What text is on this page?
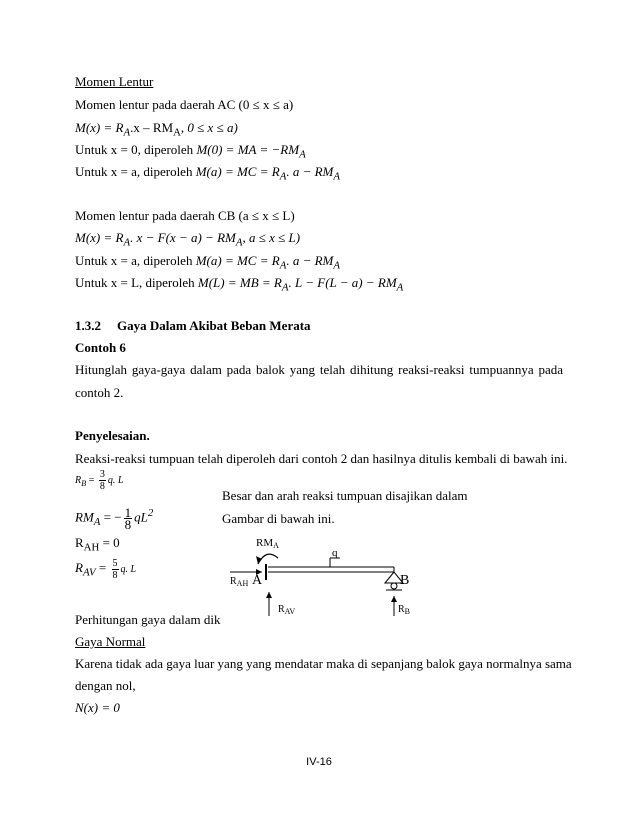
Momen Lentur
Momen lentur pada daerah AC (0 ≤ x ≤ a)
$M(x) = R_A.x - RM_A$, 0 ≤ x ≤ a)
Untuk x = 0, diperoleh M(0) = MA = $-RM_A$
Untuk x = a, diperoleh M(a) = MC = $R_A$. $a - RM_A$
Momen lentur pada daerah CB (a ≤ x ≤ L)
$M(x) = R_A$. $x - F(x - a) - RM_A$, a ≤ x ≤ L)
Untuk x = a, diperoleh M(a) = MC = $R_A$. $a - RM_A$
Untuk x = L, diperoleh M(L) = MB = $R_A$. $L - F(L - a) - RM_A$
1.3.2 Gaya Dalam Akibat Beban Merata
Contoh 6
Hitunglah gaya-gaya dalam pada balok yang telah dihitung reaksi-reaksi tumpuannya pada
contoh 2.
Penyelesaian.
Reaksi-reaksi tumpuan telah diperoleh dari contoh 2 dan hasilnya ditulis kembali di bawah ini.
$R_B = \frac{3}{8} q$. L
Besar dan arah reaksi tumpuan disajikan dalam
Gambar di bawah ini.
$RM_A$ = − $\frac{1}{8} qL^2$
$R_{AH} = 0$
$R_{AV} = \frac{5}{8} q$. L
RMA
q
$R_{AH}$ A	B
$R_{AV}$	$R_B$
Perhitungan gaya dalam dik
Gaya Normal
Karena tidak ada gaya luar yang yang mendatar maka di sepanjang balok gaya normalnya sama
dengan nol,
N(x) = 0
IV-16
